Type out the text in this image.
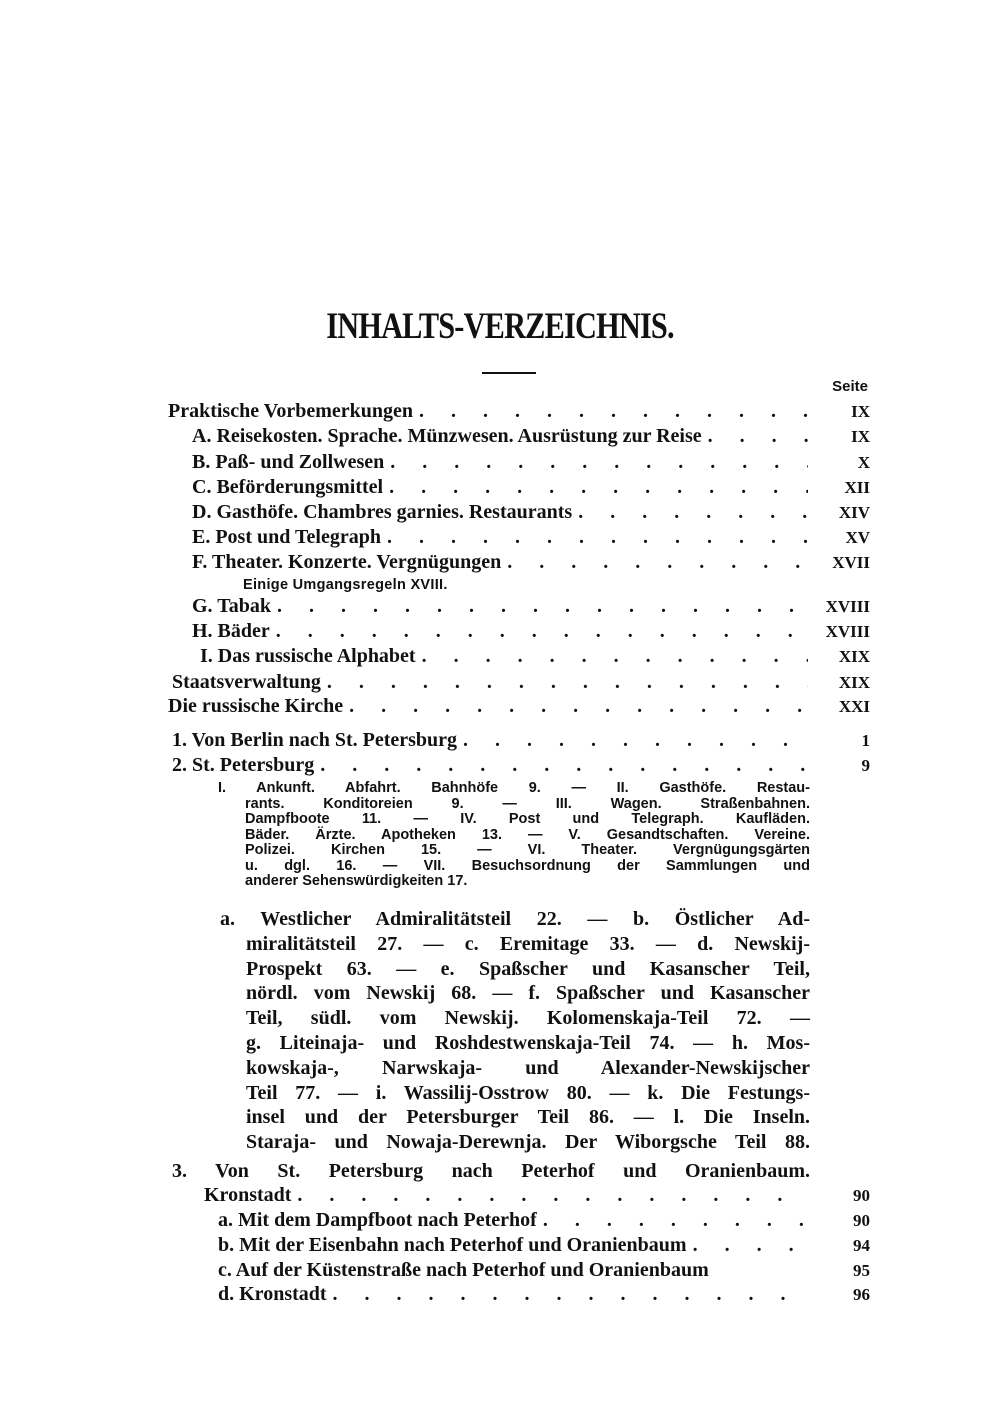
INHALTS-VERZEICHNIS.
Seite
Praktische Vorbemerkungen . . .	IX
A. Reisekosten. Sprache. Münzwesen. Ausrüstung zur Reise . . .	IX
B. Paß- und Zollwesen . . .	X
C. Beförderungsmittel . . .	XII
D. Gasthöfe. Chambres garnies. Restaurants . . .	XIV
E. Post und Telegraph . . .	XV
F. Theater. Konzerte. Vergnügungen . . .	XVII
G. Tabak . . .	XVIII
H. Bäder . . .	XVIII
I. Das russische Alphabet . . .	XIX
Staatsverwaltung . . .	XIX
Die russische Kirche . . .	XXI
Einige Umgangsregeln XVIII.
1. Von Berlin nach St. Petersburg . . .	1
2. St. Petersburg . . .	9
I. Ankunft. Abfahrt. Bahnhöfe 9. — II. Gasthöfe. Restau-
rants. Konditoreien 9. — III. Wagen. Straßenbahnen.
Dampfboote 11. — IV. Post und Telegraph. Kaufläden.
Bäder. Ärzte. Apotheken 13. — V. Gesandtschaften. Vereine.
Polizei. Kirchen 15. — VI. Theater. Vergnügungsgärten
u. dgl. 16. — VII. Besuchsordnung der Sammlungen und
anderer Sehenswürdigkeiten 17.
a. Westlicher Admiralitätsteil 22. — b. Östlicher Ad-
miralitätsteil 27. — c. Eremitage 33. — d. Newskij-
Prospekt 63. — e. Spaßscher und Kasanscher Teil,
nördl. vom Newskij 68. — f. Spaßscher und Kasanscher
Teil, südl. vom Newskij. Kolomenskaja-Teil 72. —
g. Liteinaja- und Roshdestwenskaja-Teil 74. — h. Mos-
kowskaja-, Narwskaja- und Alexander-Newskijscher
Teil 77. — i. Wassilij-Osstrow 80. — k. Die Festungs-
insel und der Petersburger Teil 86. — l. Die Inseln.
Staraja- und Nowaja-Derewnja. Der Wiborgsche Teil 88.
3. Von St. Petersburg nach Peterhof und Oranienbaum.
Kronstadt . . .	90
a. Mit dem Dampfboot nach Peterhof . . .	90
b. Mit der Eisenbahn nach Peterhof und Oranienbaum . . .	94
c. Auf der Küstenstraße nach Peterhof und Oranienbaum	95
d. Kronstadt . . .	96
